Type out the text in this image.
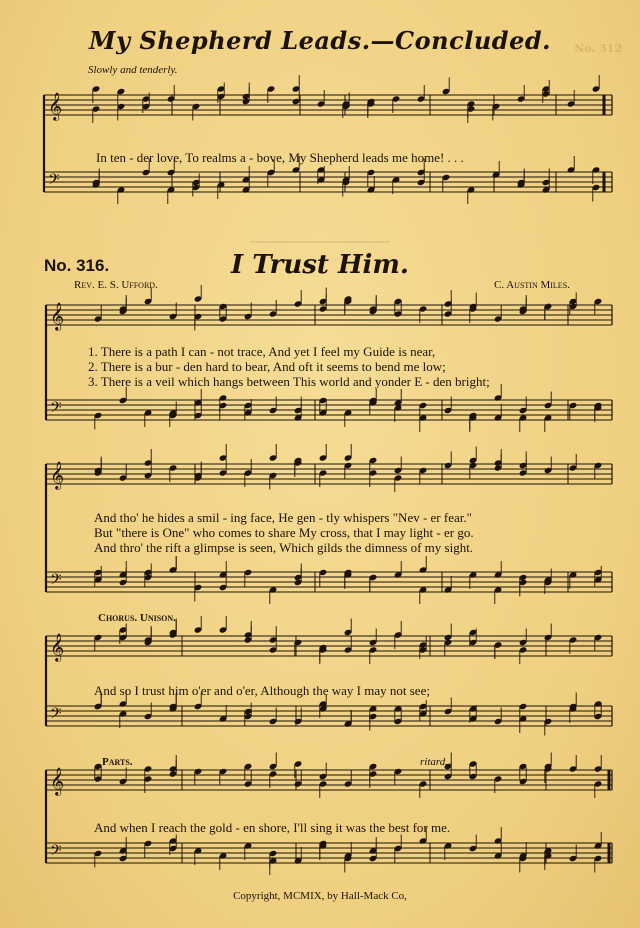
No. 312
My Shepherd Leads.—Concluded.
Slowly and tenderly.
𝄞
𝄢
𝄞
𝄢
𝄞
𝄢
𝄞
𝄢
𝄞
𝄢
In ten - der love, To realms a - bove, My Shepherd leads me home! . . .
No. 316.	I Trust Him.
Rev. E. S. Ufford.	C. Austin Miles.
1. There is a path I can - not trace, And yet I feel my Guide is near,
2. There is a bur - den hard to bear, And oft it seems to bend me low;
3. There is a veil which hangs between This world and yonder E - den bright;
And tho' he hides a smil - ing face, He gen - tly whispers "Nev - er fear."
But "there is One" who comes to share My cross, that I may light - er go.
And thro' the rift a glimpse is seen, Which gilds the dimness of my sight.
Chorus. Unison.
And so I trust him o'er and o'er, Although the way I may not see;
Parts.	ritard.
And when I reach the gold - en shore, I'll sing it was the best for me.
Copyright, MCMIX, by Hall-Mack Co,
